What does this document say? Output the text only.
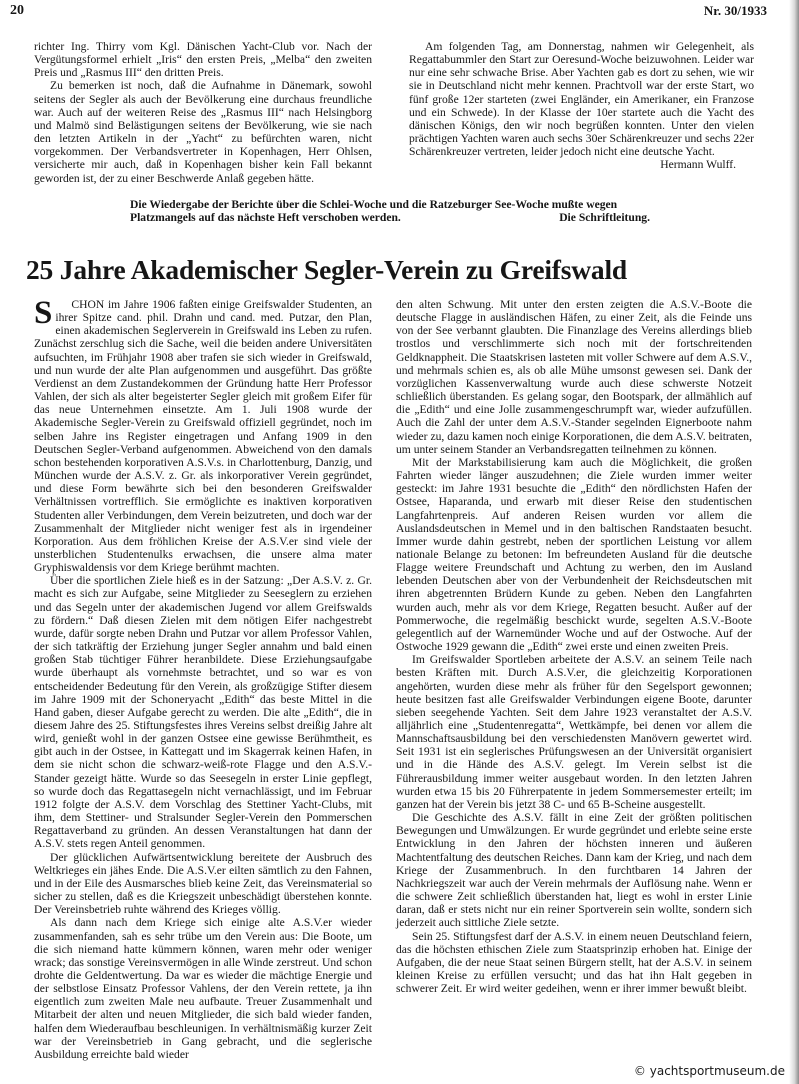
20	Nr. 30/1933

richter Ing. Thirry vom Kgl. Dänischen Yacht-Club vor. Nach der Vergütungsformel erhielt „Iris“ den ersten Preis, „Melba“ den zweiten Preis und „Rasmus III“ den dritten Preis.

Zu bemerken ist noch, daß die Aufnahme in Dänemark, sowohl seitens der Segler als auch der Bevölkerung eine durchaus freundliche war. Auch auf der weiteren Reise des „Rasmus III“ nach Helsingborg und Malmö sind Belästigungen seitens der Bevölkerung, wie sie nach den letzten Artikeln in der „Yacht“ zu befürchten waren, nicht vorgekommen. Der Verbandsvertreter in Kopenhagen, Herr Ohlsen, versicherte mir auch, daß in Kopenhagen bisher kein Fall bekannt geworden ist, der zu einer Beschwerde Anlaß gegeben hätte.

Am folgenden Tag, am Donnerstag, nahmen wir Gelegenheit, als Regattabummler den Start zur Oeresund-Woche beizuwohnen. Leider war nur eine sehr schwache Brise. Aber Yachten gab es dort zu sehen, wie wir sie in Deutschland nicht mehr kennen. Prachtvoll war der erste Start, wo fünf große 12er starteten (zwei Engländer, ein Amerikaner, ein Franzose und ein Schwede). In der Klasse der 10er startete auch die Yacht des dänischen Königs, den wir noch begrüßen konnten. Unter den vielen prächtigen Yachten waren auch sechs 30er Schärenkreuzer und sechs 22er Schärenkreuzer vertreten, leider jedoch nicht eine deutsche Yacht.

Hermann Wulff.

Die Wiedergabe der Berichte über die Schlei-Woche und die Ratzeburger See-Woche mußte wegen Platzmangels auf das nächste Heft verschoben werden.	Die Schriftleitung.
25 Jahre Akademischer Segler-Verein zu Greifswald

S CHON im Jahre 1906 faßten einige Greifswalder Studenten, an ihrer Spitze cand. phil. Drahn und cand. med. Putzar, den Plan, einen akademischen Seglerverein in Greifswald ins Leben zu rufen. Zunächst zerschlug sich die Sache, weil die beiden andere Universitäten aufsuchten, im Frühjahr 1908 aber trafen sie sich wieder in Greifswald, und nun wurde der alte Plan aufgenommen und ausgeführt. Das größte Verdienst an dem Zustandekommen der Gründung hatte Herr Professor Vahlen, der sich als alter begeisterter Segler gleich mit großem Eifer für das neue Unternehmen einsetzte. Am 1. Juli 1908 wurde der Akademische Segler-Verein zu Greifswald offiziell gegründet, noch im selben Jahre ins Register eingetragen und Anfang 1909 in den Deutschen Segler-Verband aufgenommen. Abweichend von den damals schon bestehenden korporativen A.S.V.s. in Charlottenburg, Danzig, und München wurde der A.S.V. z. Gr. als inkorporativer Verein gegründet, und diese Form bewährte sich bei den besonderen Greifswalder Verhältnissen vortrefflich. Sie ermöglichte es inaktiven korporativen Studenten aller Verbindungen, dem Verein beizutreten, und doch war der Zusammenhalt der Mitglieder nicht weniger fest als in irgendeiner Korporation. Aus dem fröhlichen Kreise der A.S.V.er sind viele der unsterblichen Studentenulks erwachsen, die unsere alma mater Gryphiswaldensis vor dem Kriege berühmt machten.

Über die sportlichen Ziele hieß es in der Satzung: „Der A.S.V. z. Gr. macht es sich zur Aufgabe, seine Mitglieder zu Seeseglern zu erziehen und das Segeln unter der akademischen Jugend vor allem Greifswalds zu fördern.“ Daß diesen Zielen mit dem nötigen Eifer nachgestrebt wurde, dafür sorgte neben Drahn und Putzar vor allem Professor Vahlen, der sich tatkräftig der Erziehung junger Segler annahm und bald einen großen Stab tüchtiger Führer heranbildete. Diese Erziehungsaufgabe wurde überhaupt als vornehmste betrachtet, und so war es von entscheidender Bedeutung für den Verein, als großzügige Stifter diesem im Jahre 1909 mit der Schoneryacht „Edith“ das beste Mittel in die Hand gaben, dieser Aufgabe gerecht zu werden. Die alte „Edith“, die in diesem Jahre des 25. Stiftungsfestes ihres Vereins selbst dreißig Jahre alt wird, genießt wohl in der ganzen Ostsee eine gewisse Berühmtheit, es gibt auch in der Ostsee, in Kattegatt und im Skagerrak keinen Hafen, in dem sie nicht schon die schwarz-weiß-rote Flagge und den A.S.V.-Stander gezeigt hätte. Wurde so das Seesegeln in erster Linie gepflegt, so wurde doch das Regattasegeln nicht vernachlässigt, und im Februar 1912 folgte der A.S.V. dem Vorschlag des Stettiner Yacht-Clubs, mit ihm, dem Stettiner- und Stralsunder Segler-Verein den Pommerschen Regattaverband zu gründen. An dessen Veranstaltungen hat dann der A.S.V. stets regen Anteil genommen.

Der glücklichen Aufwärtsentwicklung bereitete der Ausbruch des Weltkrieges ein jähes Ende. Die A.S.V.er eilten sämtlich zu den Fahnen, und in der Eile des Ausmarsches blieb keine Zeit, das Vereinsmaterial so sicher zu stellen, daß es die Kriegszeit unbeschädigt überstehen konnte. Der Vereinsbetrieb ruhte während des Krieges völlig.

Als dann nach dem Kriege sich einige alte A.S.V.er wieder zusammenfanden, sah es sehr trübe um den Verein aus: Die Boote, um die sich niemand hatte kümmern können, waren mehr oder weniger wrack; das sonstige Vereinsvermögen in alle Winde zerstreut. Und schon drohte die Geldentwertung. Da war es wieder die mächtige Energie und der selbstlose Einsatz Professor Vahlens, der den Verein rettete, ja ihn eigentlich zum zweiten Male neu aufbaute. Treuer Zusammenhalt und Mitarbeit der alten und neuen Mitglieder, die sich bald wieder fanden, halfen dem Wiederaufbau beschleunigen. In verhältnismäßig kurzer Zeit war der Vereinsbetrieb in Gang gebracht, und die seglerische Ausbildung erreichte bald wieder

den alten Schwung. Mit unter den ersten zeigten die A.S.V.-Boote die deutsche Flagge in ausländischen Häfen, zu einer Zeit, als die Feinde uns von der See verbannt glaubten. Die Finanzlage des Vereins allerdings blieb trostlos und verschlimmerte sich noch mit der fortschreitenden Geldknappheit. Die Staatskrisen lasteten mit voller Schwere auf dem A.S.V., und mehrmals schien es, als ob alle Mühe umsonst gewesen sei. Dank der vorzüglichen Kassenverwaltung wurde auch diese schwerste Notzeit schließlich überstanden. Es gelang sogar, den Bootspark, der allmählich auf die „Edith“ und eine Jolle zusammengeschrumpft war, wieder aufzufüllen. Auch die Zahl der unter dem A.S.V.-Stander segelnden Eignerboote nahm wieder zu, dazu kamen noch einige Korporationen, die dem A.S.V. beitraten, um unter seinem Stander an Verbandsregatten teilnehmen zu können.

Mit der Markstabilisierung kam auch die Möglichkeit, die großen Fahrten wieder länger auszudehnen; die Ziele wurden immer weiter gesteckt: im Jahre 1931 besuchte die „Edith“ den nördlichsten Hafen der Ostsee, Haparanda, und erwarb mit dieser Reise den studentischen Langfahrtenpreis. Auf anderen Reisen wurden vor allem die Auslandsdeutschen in Memel und in den baltischen Randstaaten besucht. Immer wurde dahin gestrebt, neben der sportlichen Leistung vor allem nationale Belange zu betonen: Im befreundeten Ausland für die deutsche Flagge weitere Freundschaft und Achtung zu werben, den im Ausland lebenden Deutschen aber von der Verbundenheit der Reichsdeutschen mit ihren abgetrennten Brüdern Kunde zu geben. Neben den Langfahrten wurden auch, mehr als vor dem Kriege, Regatten besucht. Außer auf der Pommerwoche, die regelmäßig beschickt wurde, segelten A.S.V.-Boote gelegentlich auf der Warnemünder Woche und auf der Ostwoche. Auf der Ostwoche 1929 gewann die „Edith“ zwei erste und einen zweiten Preis.

Im Greifswalder Sportleben arbeitete der A.S.V. an seinem Teile nach besten Kräften mit. Durch A.S.V.er, die gleichzeitig Korporationen angehörten, wurden diese mehr als früher für den Segelsport gewonnen; heute besitzen fast alle Greifswalder Verbindungen eigene Boote, darunter sieben seegehende Yachten. Seit dem Jahre 1923 veranstaltet der A.S.V. alljährlich eine „Studentenregatta“, Wettkämpfe, bei denen vor allem die Mannschaftsausbildung bei den verschiedensten Manövern gewertet wird. Seit 1931 ist ein seglerisches Prüfungswesen an der Universität organisiert und in die Hände des A.S.V. gelegt. Im Verein selbst ist die Führerausbildung immer weiter ausgebaut worden. In den letzten Jahren wurden etwa 15 bis 20 Führerpatente in jedem Sommersemester erteilt; im ganzen hat der Verein bis jetzt 38 C- und 65 B-Scheine ausgestellt.

Die Geschichte des A.S.V. fällt in eine Zeit der größten politischen Bewegungen und Umwälzungen. Er wurde gegründet und erlebte seine erste Entwicklung in den Jahren der höchsten inneren und äußeren Machtentfaltung des deutschen Reiches. Dann kam der Krieg, und nach dem Kriege der Zusammenbruch. In den furchtbaren 14 Jahren der Nachkriegszeit war auch der Verein mehrmals der Auflösung nahe. Wenn er die schwere Zeit schließlich überstanden hat, liegt es wohl in erster Linie daran, daß er stets nicht nur ein reiner Sportverein sein wollte, sondern sich jederzeit auch sittliche Ziele setzte.

Sein 25. Stiftungsfest darf der A.S.V. in einem neuen Deutschland feiern, das die höchsten ethischen Ziele zum Staatsprinzip erhoben hat. Einige der Aufgaben, die der neue Staat seinen Bürgern stellt, hat der A.S.V. in seinem kleinen Kreise zu erfüllen versucht; und das hat ihn Halt gegeben in schwerer Zeit. Er wird weiter gedeihen, wenn er ihrer immer bewußt bleibt.

© yachtsportmuseum.de
